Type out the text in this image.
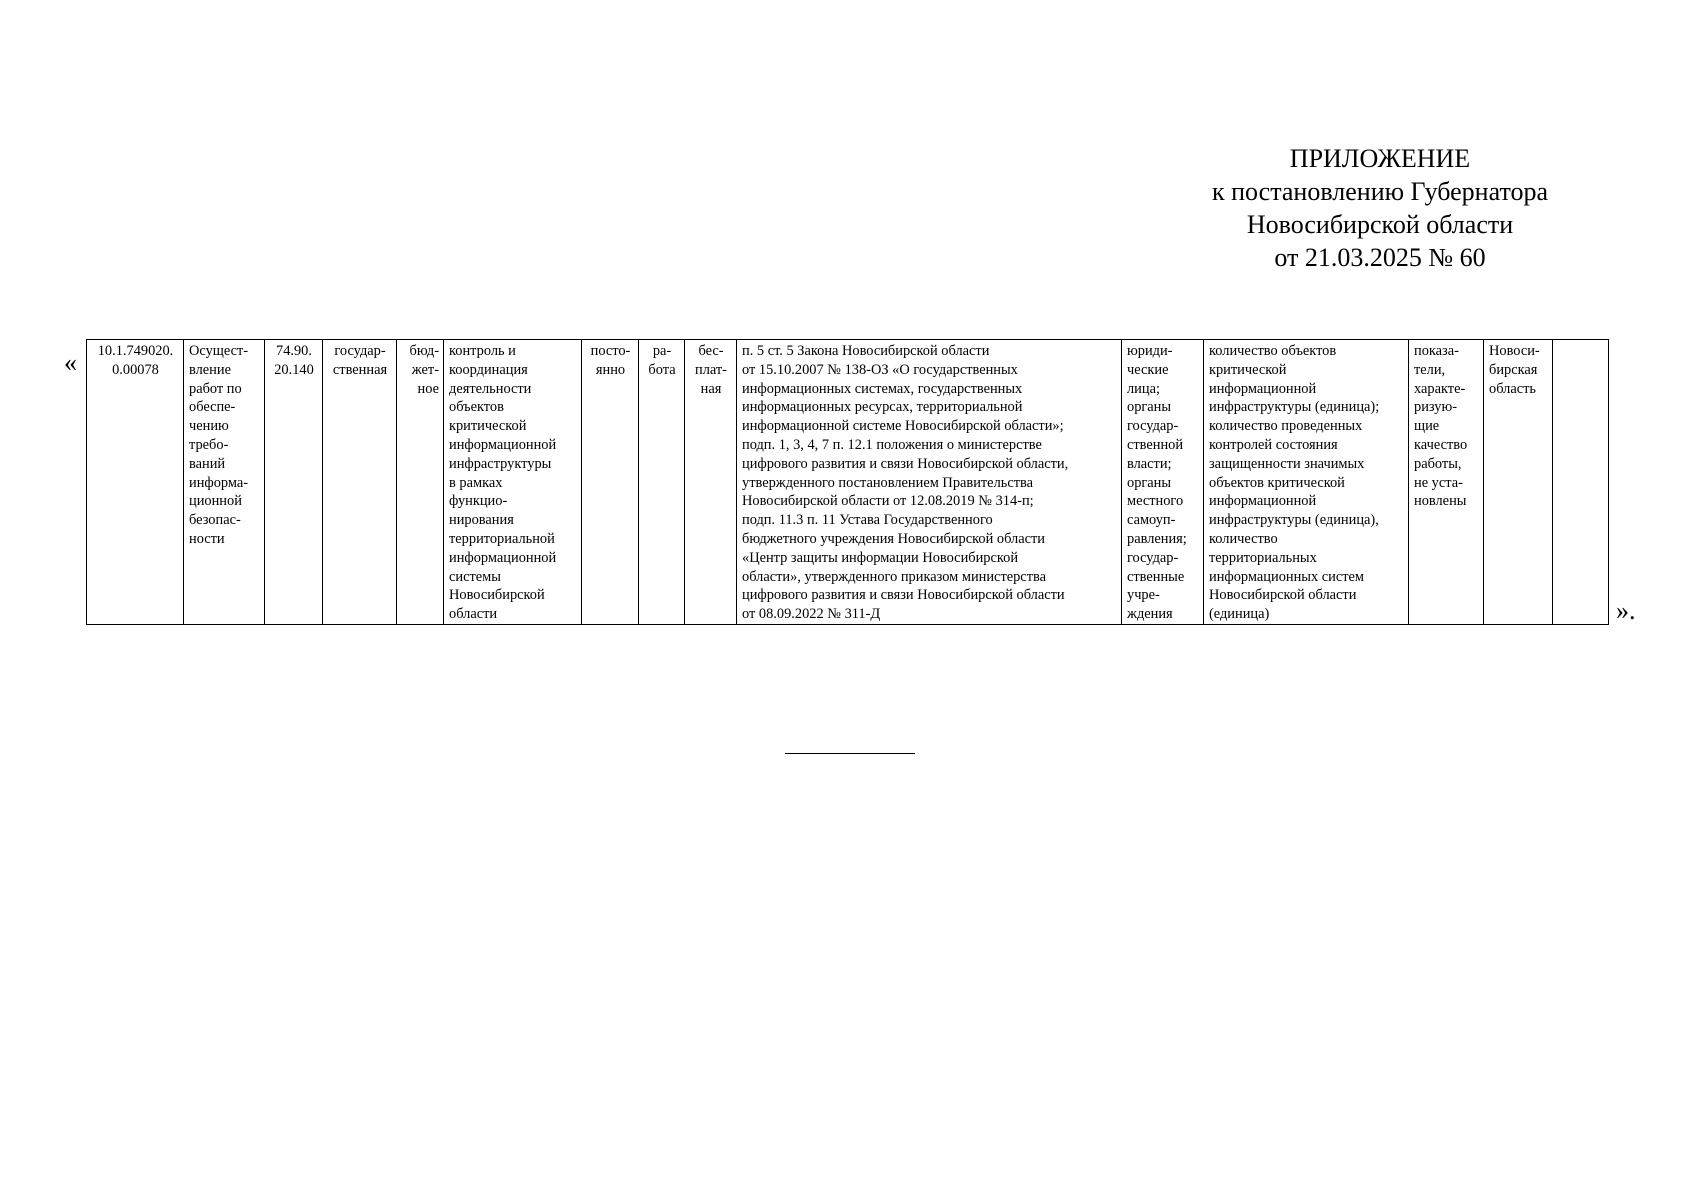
ПРИЛОЖЕНИЕ
к постановлению Губернатора
Новосибирской области
от 21.03.2025 № 60
« 10.1.749020.
0.00078	Осущест-
вление
работ по
обеспе-
чению
требо-
ваний
информа-
ционной
безопас-
ности	74.90.
20.140	государ-
ственная	бюд-
жет-
ное	контроль и
координация
деятельности
объектов
критической
информационной
инфраструктуры
в рамках
функцио-
нирования
территориальной
информационной
системы
Новосибирской
области	посто-
янно	ра-
бота	бес-
плат-
ная	п. 5 ст. 5 Закона Новосибирской области
от 15.10.2007 № 138-ОЗ «О государственных
информационных системах, государственных
информационных ресурсах, территориальной
информационной системе Новосибирской области»;
подп. 1, 3, 4, 7 п. 12.1 положения о министерстве
цифрового развития и связи Новосибирской области,
утвержденного постановлением Правительства
Новосибирской области от 12.08.2019 № 314-п;
подп. 11.3 п. 11 Устава Государственного
бюджетного учреждения Новосибирской области
«Центр защиты информации Новосибирской
области», утвержденного приказом министерства
цифрового развития и связи Новосибирской области
от 08.09.2022 № 311-Д	юриди-
ческие
лица;
органы
государ-
ственной
власти;
органы
местного
самоуп-
равления;
государ-
ственные
учре-
ждения	количество объектов
критической
информационной
инфраструктуры (единица);
количество проведенных
контролей состояния
защищенности значимых
объектов критической
информационной
инфраструктуры (единица),
количество
территориальных
информационных систем
Новосибирской области
(единица)	показа-
тели,
характе-
ризую-
щие
качество
работы,
не уста-
новлены	Новоси-
бирская
область	
».
